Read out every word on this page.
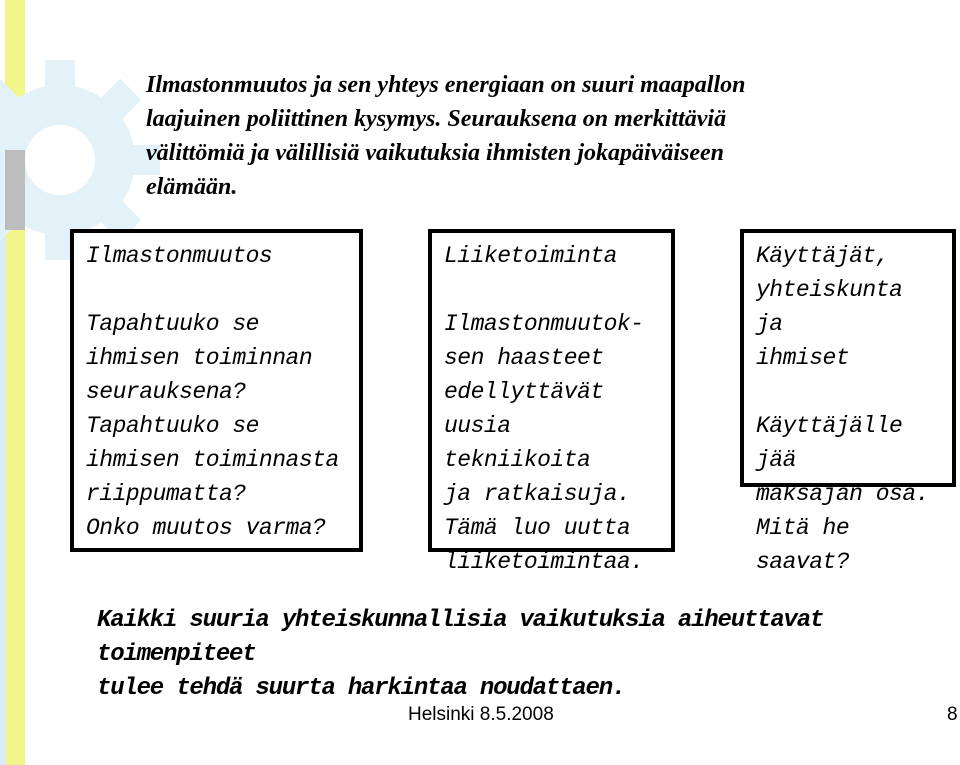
Ilmastonmuutos ja sen yhteys energiaan on suuri maapallon
laajuinen poliittinen kysymys. Seurauksena on merkittäviä
välittömiä ja välillisiä vaikutuksia ihmisten jokapäiväiseen
elämään.

Ilmastonmuutos

Tapahtuuko se

ihmisen toiminnan

seurauksena?

Tapahtuuko se

ihmisen toiminnasta

riippumatta?

Onko muutos varma?

Liiketoiminta

Ilmastonmuutok-

sen haasteet

edellyttävät

uusia tekniikoita

ja ratkaisuja.

Tämä luo uutta

liiketoimintaa.

Käyttäjät,

yhteiskunta ja

ihmiset

Käyttäjälle jää

maksajan osa.

Mitä he saavat?

Kaikki suuria yhteiskunnallisia vaikutuksia aiheuttavat toimenpiteet
tulee tehdä suurta harkintaa noudattaen.
Helsinki 8.5.2008	8
